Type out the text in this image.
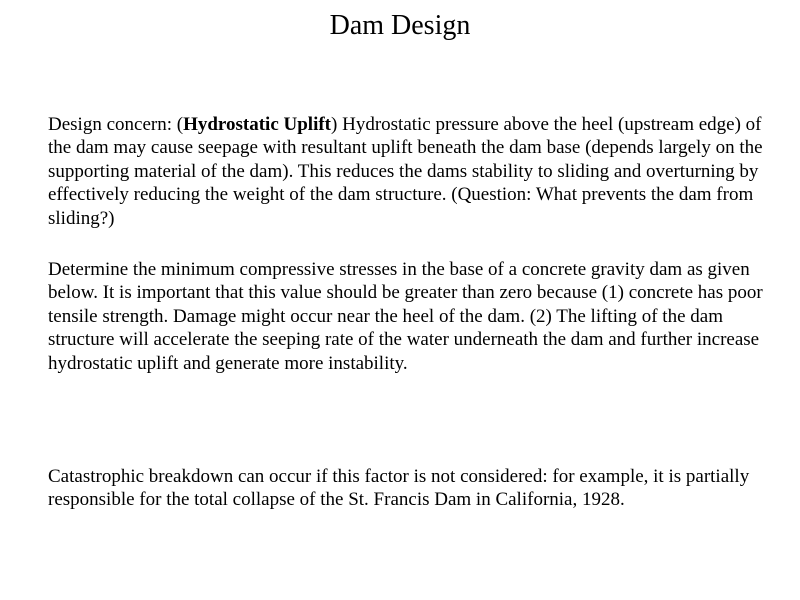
Dam Design

Design concern: (Hydrostatic Uplift) Hydrostatic pressure above the heel (upstream edge) of the dam may cause seepage with resultant uplift beneath the dam base (depends largely on the supporting material of the dam). This reduces the dams stability to sliding and overturning by effectively reducing the weight of the dam structure. (Question: What prevents the dam from sliding?)

Determine the minimum compressive stresses in the base of a concrete gravity dam as given below. It is important that this value should be greater than zero because (1) concrete has poor tensile strength. Damage might occur near the heel of the dam. (2) The lifting of the dam structure will accelerate the seeping rate of the water underneath the dam and further increase hydrostatic uplift and generate more instability.

Catastrophic breakdown can occur if this factor is not considered: for example, it is partially responsible for the total collapse of the St. Francis Dam in California, 1928.
